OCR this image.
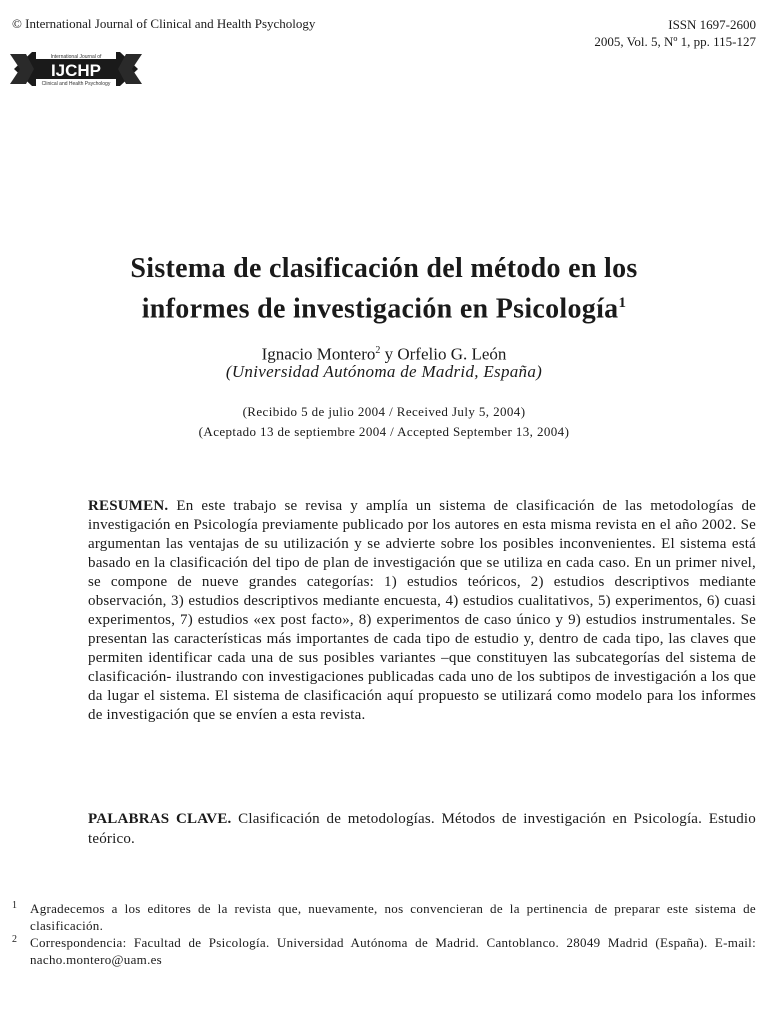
© International Journal of Clinical and Health Psychology	ISSN 1697-2600
2005, Vol. 5, Nº 1, pp. 115-127
International Journal of
IJCHP
Clinical and Health Psychology
Sistema de clasificación del método en los
informes de investigación en Psicología$^1$
Ignacio Montero$^2$ y Orfelio G. León
(Universidad Autónoma de Madrid, España)
(Recibido 5 de julio 2004 / Received July 5, 2004)
(Aceptado 13 de septiembre 2004 / Accepted September 13, 2004)
RESUMEN. En este trabajo se revisa y amplía un sistema de clasificación de las metodologías de investigación en Psicología previamente publicado por los autores en esta misma revista en el año 2002. Se argumentan las ventajas de su utilización y se advierte sobre los posibles inconvenientes. El sistema está basado en la clasificación del tipo de plan de investigación que se utiliza en cada caso. En un primer nivel, se compone de nueve grandes categorías: 1) estudios teóricos, 2) estudios descriptivos mediante observación, 3) estudios descriptivos mediante encuesta, 4) estudios cualitativos, 5) experimentos, 6) cuasi experimentos, 7) estudios «ex post facto», 8) experimentos de caso único y 9) estudios instrumentales. Se presentan las características más importantes de cada tipo de estudio y, dentro de cada tipo, las claves que permiten identificar cada una de sus posibles variantes –que constituyen las subcategorías del sistema de clasificación- ilustrando con investigaciones publicadas cada uno de los subtipos de investigación a los que da lugar el sistema. El sistema de clasificación aquí propuesto se utilizará como modelo para los informes de investigación que se envíen a esta revista.
PALABRAS CLAVE. Clasificación de metodologías. Métodos de investigación en Psicología. Estudio teórico.
1 Agradecemos a los editores de la revista que, nuevamente, nos convencieran de la pertinencia de preparar este sistema de clasificación.
2 Correspondencia: Facultad de Psicología. Universidad Autónoma de Madrid. Cantoblanco. 28049 Madrid (España). E-mail: nacho.montero@uam.es
